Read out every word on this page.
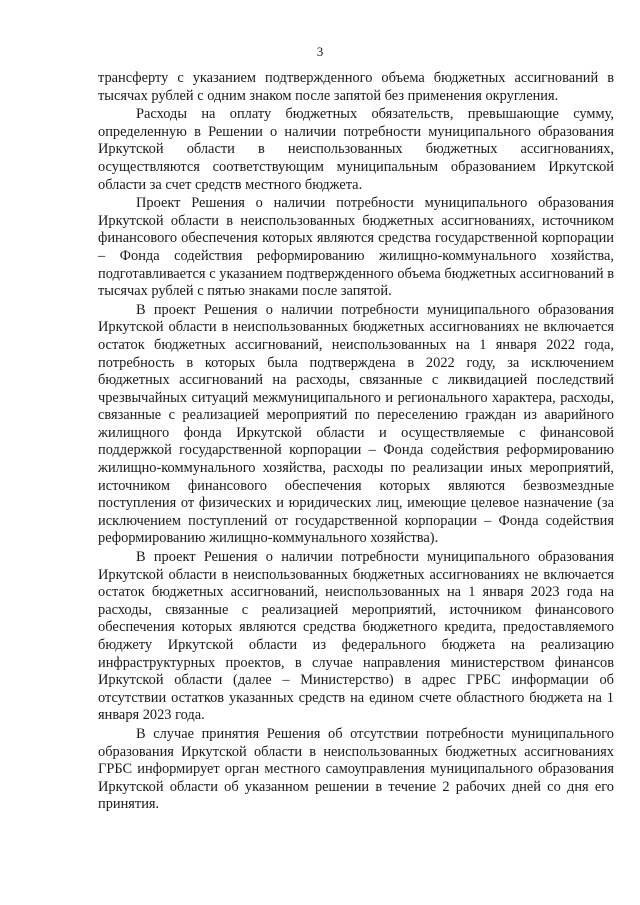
3

трансферту с указанием подтвержденного объема бюджетных ассигнований в тысячах рублей с одним знаком после запятой без применения округления.

Расходы на оплату бюджетных обязательств, превышающие сумму, определенную в Решении о наличии потребности муниципального образования Иркутской области в неиспользованных бюджетных ассигнованиях, осуществляются соответствующим муниципальным образованием Иркутской области за счет средств местного бюджета.

Проект Решения о наличии потребности муниципального образования Иркутской области в неиспользованных бюджетных ассигнованиях, источником финансового обеспечения которых являются средства государственной корпорации – Фонда содействия реформированию жилищно-коммунального хозяйства, подготавливается с указанием подтвержденного объема бюджетных ассигнований в тысячах рублей с пятью знаками после запятой.

В проект Решения о наличии потребности муниципального образования Иркутской области в неиспользованных бюджетных ассигнованиях не включается остаток бюджетных ассигнований, неиспользованных на 1 января 2022 года, потребность в которых была подтверждена в 2022 году, за исключением бюджетных ассигнований на расходы, связанные с ликвидацией последствий чрезвычайных ситуаций межмуниципального и регионального характера, расходы, связанные с реализацией мероприятий по переселению граждан из аварийного жилищного фонда Иркутской области и осуществляемые с финансовой поддержкой государственной корпорации – Фонда содействия реформированию жилищно-коммунального хозяйства, расходы по реализации иных мероприятий, источником финансового обеспечения которых являются безвозмездные поступления от физических и юридических лиц, имеющие целевое назначение (за исключением поступлений от государственной корпорации – Фонда содействия реформированию жилищно-коммунального хозяйства).

В проект Решения о наличии потребности муниципального образования Иркутской области в неиспользованных бюджетных ассигнованиях не включается остаток бюджетных ассигнований, неиспользованных на 1 января 2023 года на расходы, связанные с реализацией мероприятий, источником финансового обеспечения которых являются средства бюджетного кредита, предоставляемого бюджету Иркутской области из федерального бюджета на реализацию инфраструктурных проектов, в случае направления министерством финансов Иркутской области (далее – Министерство) в адрес ГРБС информации об отсутствии остатков указанных средств на едином счете областного бюджета на 1 января 2023 года.

В случае принятия Решения об отсутствии потребности муниципального образования Иркутской области в неиспользованных бюджетных ассигнованиях ГРБС информирует орган местного самоуправления муниципального образования Иркутской области об указанном решении в течение 2 рабочих дней со дня его принятия.
